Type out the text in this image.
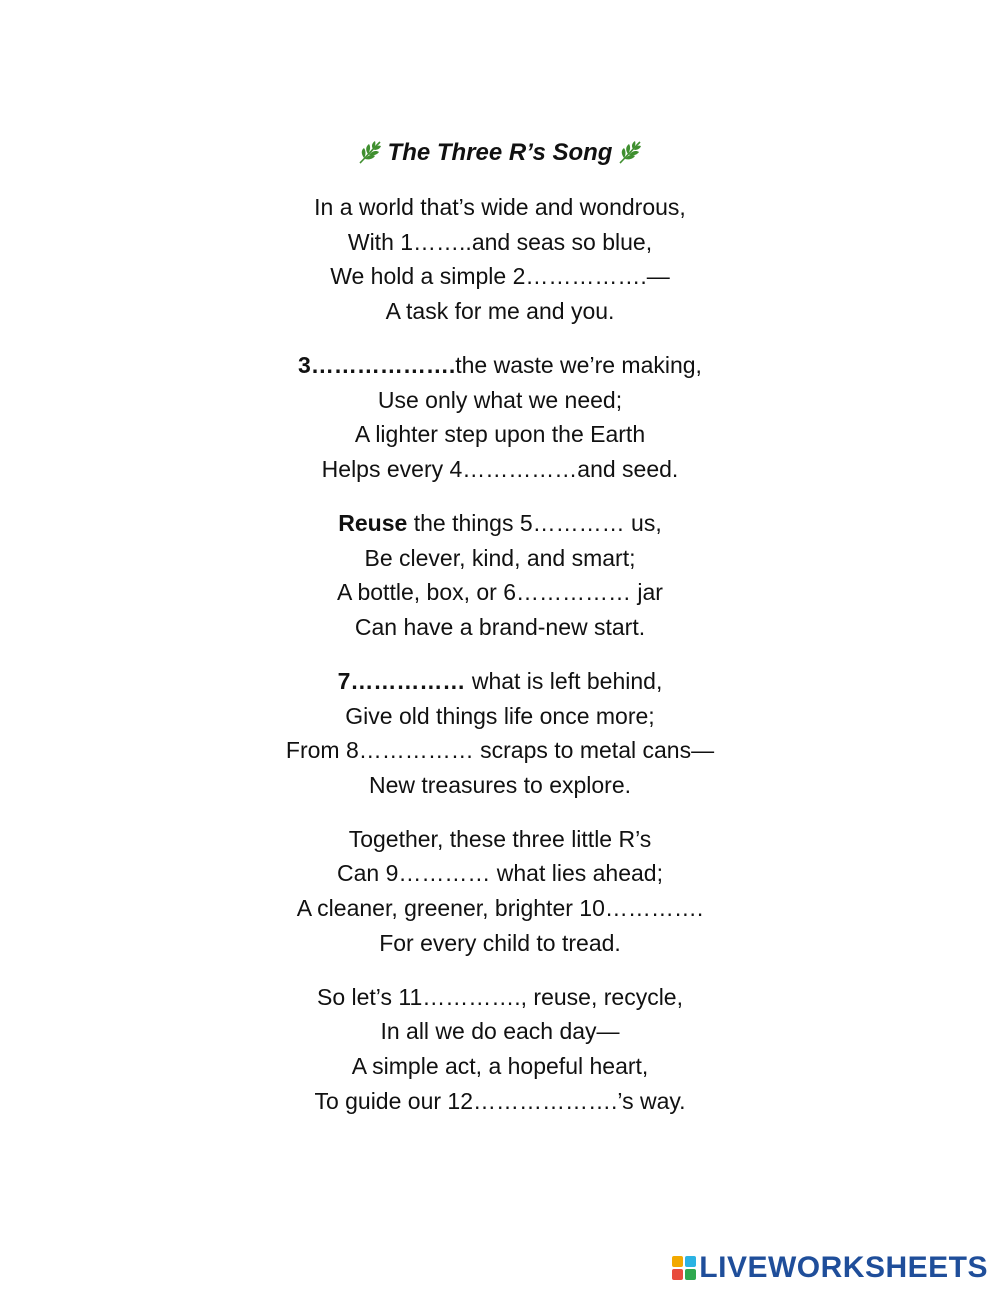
The Three R’s Song
In a world that’s wide and wondrous,
With 1……..and seas so blue,
We hold a simple 2…………….—
A task for me and you.
3……………….the waste we’re making,
Use only what we need;
A lighter step upon the Earth
Helps every 4……………and seed.
Reuse the things 5………… us,
Be clever, kind, and smart;
A bottle, box, or 6…………… jar
Can have a brand-new start.
7…………… what is left behind,
Give old things life once more;
From 8…………… scraps to metal cans—
New treasures to explore.
Together, these three little R’s
Can 9………… what lies ahead;
A cleaner, greener, brighter 10………….
For every child to tread.
So let’s 11…………., reuse, recycle,
In all we do each day—
A simple act, a hopeful heart,
To guide our 12……………….’s way.
LIVEWORKSHEETS
